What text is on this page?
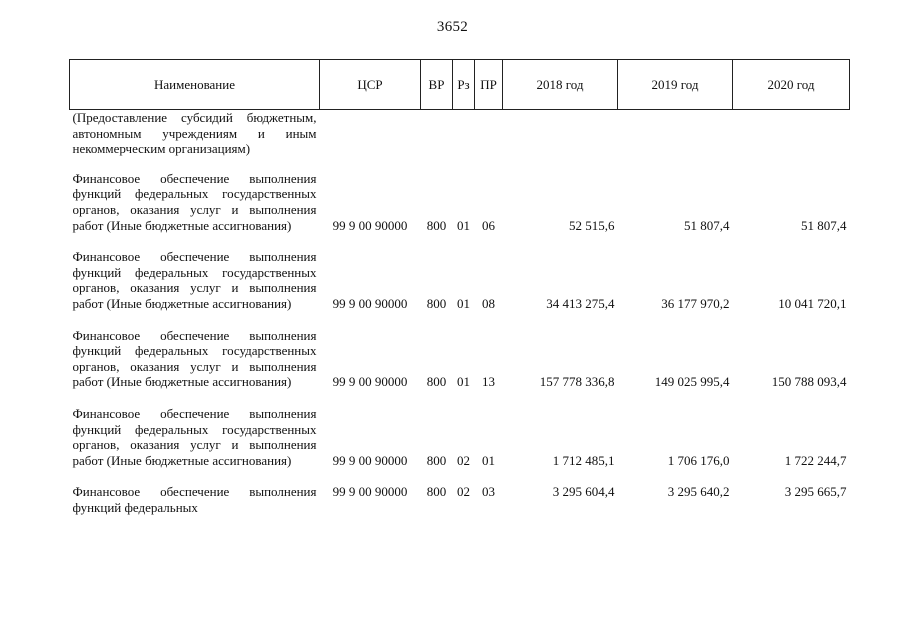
3652
Наименование	ЦСР	ВР	Рз	ПР	2018 год	2019 год	2020 год
(Предоставление субсидий бюджетным, автономным учреждениям и иным некоммерческим организациям)							
Финансовое обеспечение выполнения функций федеральных государственных органов, оказания услуг и выполнения работ (Иные бюджетные ассигнования)	99 9 00 90000	800	01	06	52 515,6	51 807,4	51 807,4
Финансовое обеспечение выполнения функций федеральных государственных органов, оказания услуг и выполнения работ (Иные бюджетные ассигнования)	99 9 00 90000	800	01	08	34 413 275,4	36 177 970,2	10 041 720,1
Финансовое обеспечение выполнения функций федеральных государственных органов, оказания услуг и выполнения работ (Иные бюджетные ассигнования)	99 9 00 90000	800	01	13	157 778 336,8	149 025 995,4	150 788 093,4
Финансовое обеспечение выполнения функций федеральных государственных органов, оказания услуг и выполнения работ (Иные бюджетные ассигнования)	99 9 00 90000	800	02	01	1 712 485,1	1 706 176,0	1 722 244,7
Финансовое обеспечение выполнения функций федеральных	99 9 00 90000	800	02	03	3 295 604,4	3 295 640,2	3 295 665,7
